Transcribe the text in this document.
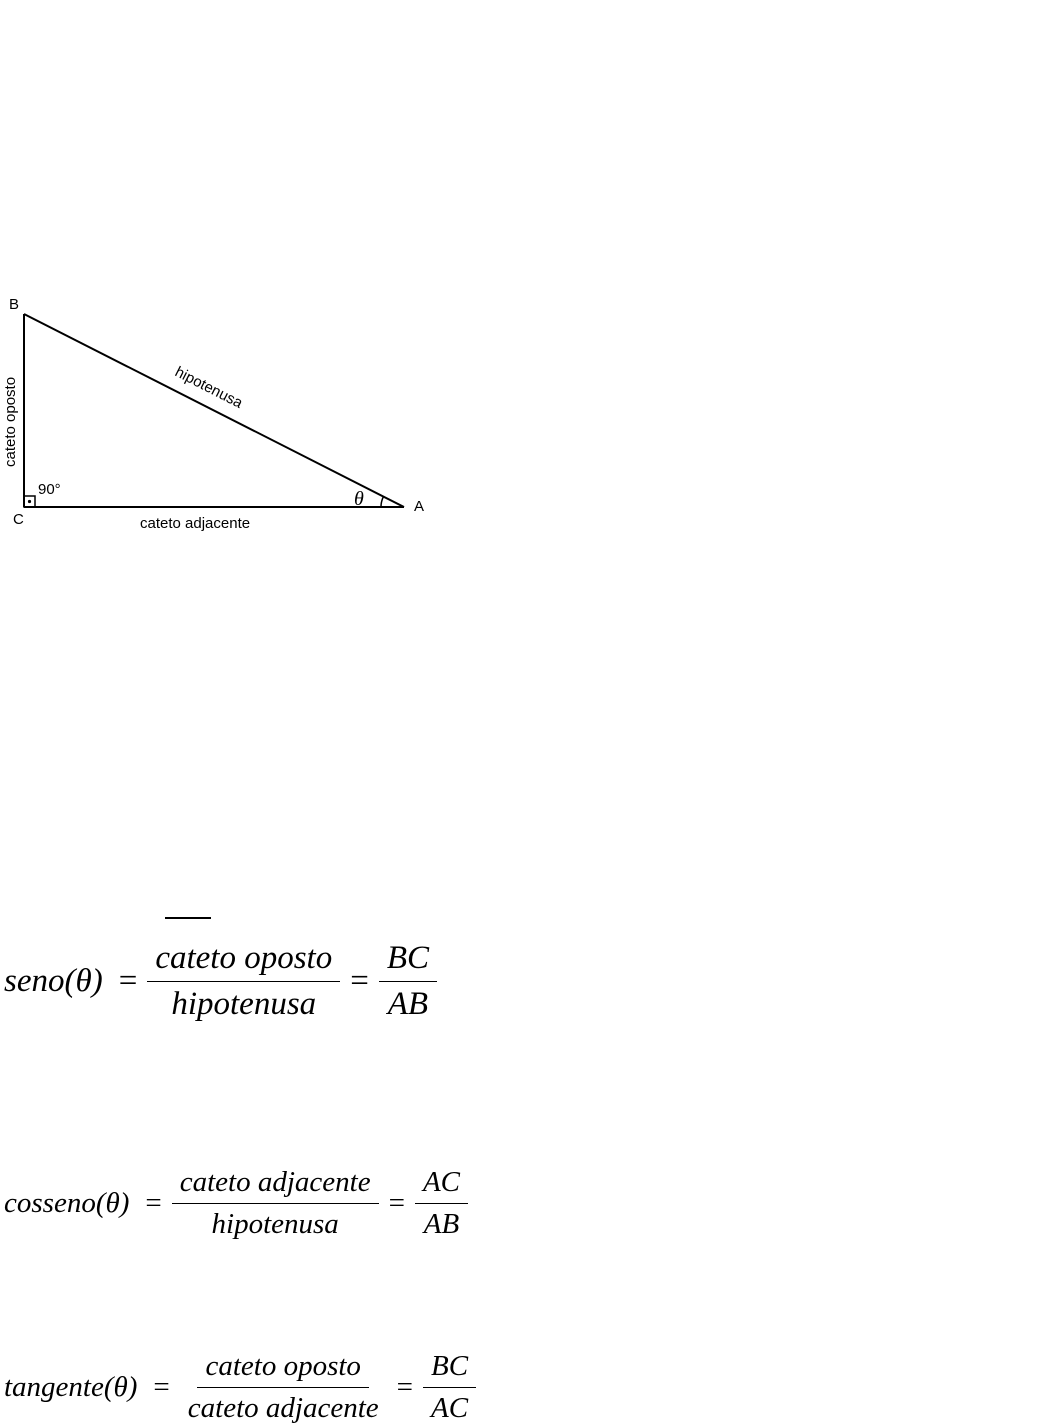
B
C
A
90°
cateto adjacente
cateto oposto	hipotenusa
θ
seno(θ) = $\frac{\text{cateto oposto}}{\text{hipotenusa}} = \frac{BC}{AB}$
cosseno(θ) = $\frac{\text{cateto adjacente}}{\text{hipotenusa}} = \frac{AC}{AB}$
tangente(θ) = $\frac{\text{cateto oposto}}{\text{cateto adjacente}} = \frac{BC}{AC}$
